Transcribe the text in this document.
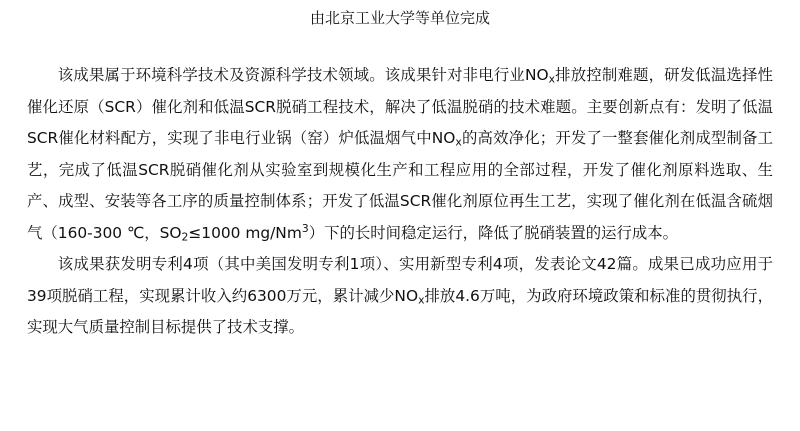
由北京工业大学等单位完成

该成果属于环境科学技术及资源科学技术领域。该成果针对非电行业$NO_x$排放控制难题，研发低温选择性催化还原（SCR）催化剂和低温SCR脱硝工程技术，解决了低温脱硝的技术难题。主要创新点有：发明了低温SCR催化材料配方，实现了非电行业锅（窑）炉低温烟气中$NO_x$的高效净化；开发了一整套催化剂成型制备工艺，完成了低温SCR脱硝催化剂从实验室到规模化生产和工程应用的全部过程，开发了催化剂原料选取、生产、成型、安装等各工序的质量控制体系；开发了低温SCR催化剂原位再生工艺，实现了催化剂在低温含硫烟气（160-300 ℃，$SO_2\le 1000$ mg/Nm$^3$）下的长时间稳定运行，降低了脱硝装置的运行成本。

该成果获发明专利4项（其中美国发明专利1项）、实用新型专利4项，发表论文42篇。成果已成功应用于39项脱硝工程，实现累计收入约6300万元，累计减少$NO_x$排放4.6万吨，为政府环境政策和标准的贯彻执行，实现大气质量控制目标提供了技术支撑。
